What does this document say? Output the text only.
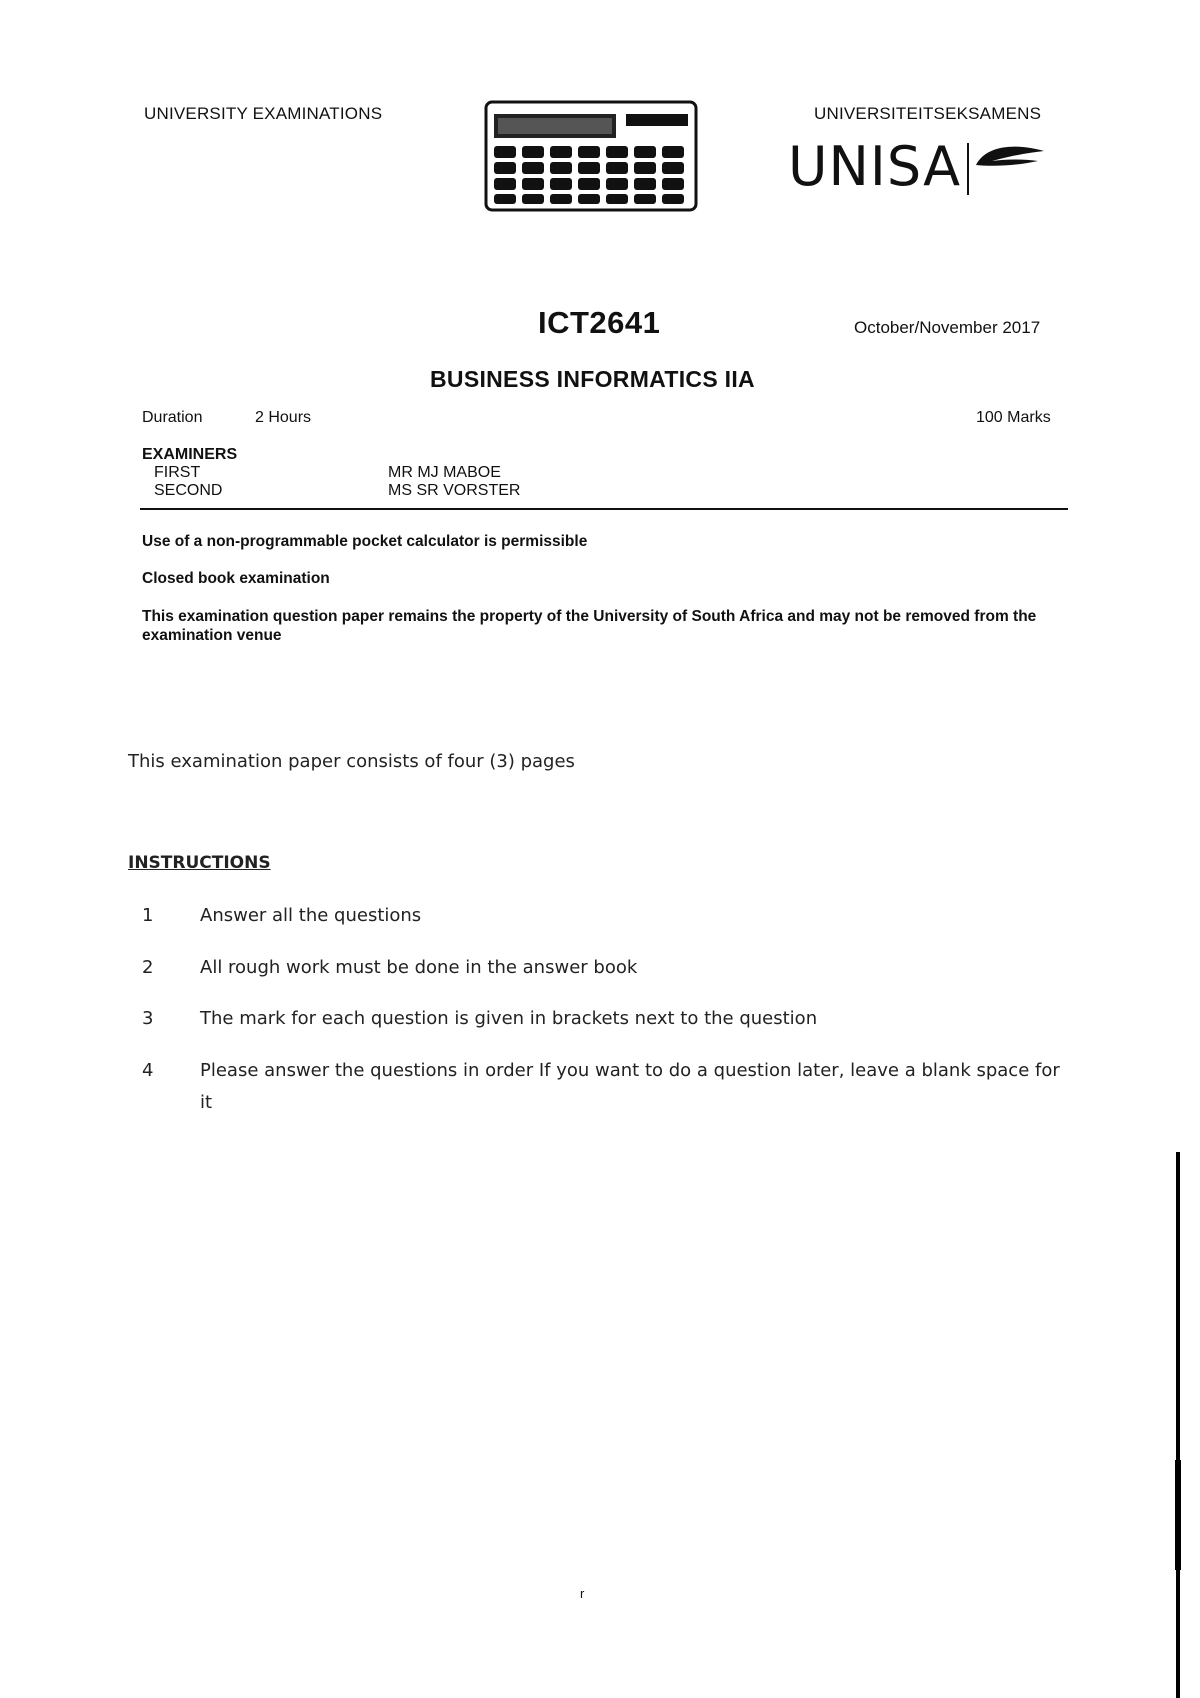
UNIVERSITY EXAMINATIONS	UNIVERSITEITSEKSAMENS
UNISA
ICT2641	October/November 2017
BUSINESS INFORMATICS IIA
Duration	2 Hours	100 Marks
EXAMINERS
FIRST	MR MJ MABOE
SECOND	MS SR VORSTER
Use of a non-programmable pocket calculator is permissible
Closed book examination
This examination question paper remains the property of the University of South Africa and may not be removed from the examination venue
This examination paper consists of four (3) pages
INSTRUCTIONS
1	Answer all the questions
2	All rough work must be done in the answer book
3	The mark for each question is given in brackets next to the question
4	Please answer the questions in order If you want to do a question later, leave a blank space for it
r
